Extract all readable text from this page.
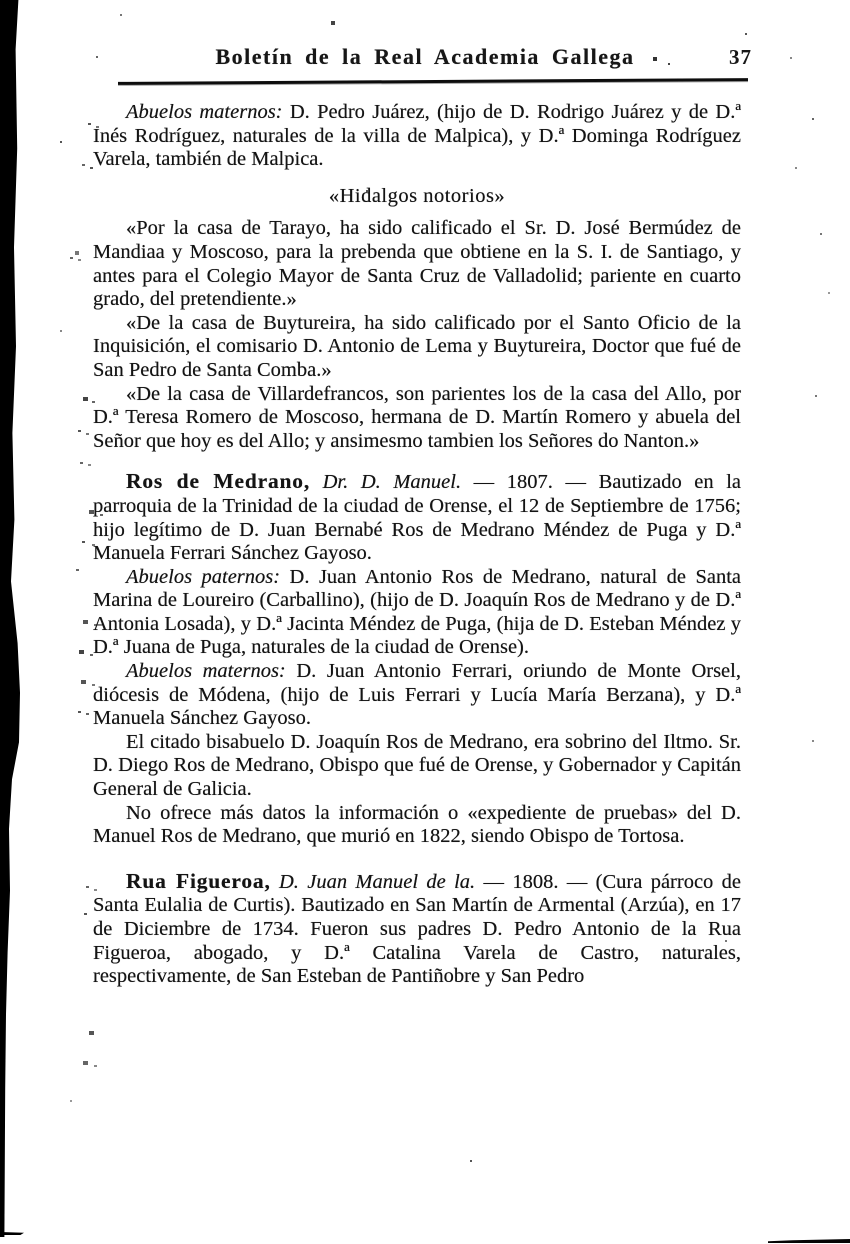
Boletín de la Real Academia Gallega	37

Abuelos maternos: D. Pedro Juárez, (hijo de D. Rodrigo Juárez y de D.ª Inés Rodríguez, naturales de la villa de Malpica), y D.ª Dominga Rodríguez Varela, también de Malpica.

«Hidalgos notorios»

«Por la casa de Tarayo, ha sido calificado el Sr. D. José Bermúdez de Mandiaa y Moscoso, para la prebenda que obtiene en la S. I. de Santiago, y antes para el Colegio Mayor de Santa Cruz de Valladolid; pariente en cuarto grado, del pretendiente.»

«De la casa de Buytureira, ha sido calificado por el Santo Oficio de la Inquisición, el comisario D. Antonio de Lema y Buytureira, Doctor que fué de San Pedro de Santa Comba.»

«De la casa de Villardefrancos, son parientes los de la casa del Allo, por D.ª Teresa Romero de Moscoso, hermana de D. Martín Romero y abuela del Señor que hoy es del Allo; y ansimesmo tambien los Señores do Nanton.»

Ros de Medrano, Dr. D. Manuel. — 1807. — Bautizado en la parroquia de la Trinidad de la ciudad de Orense, el 12 de Septiembre de 1756; hijo legítimo de D. Juan Bernabé Ros de Medrano Méndez de Puga y D.ª Manuela Ferrari Sánchez Gayoso.

Abuelos paternos: D. Juan Antonio Ros de Medrano, natural de Santa Marina de Loureiro (Carballino), (hijo de D. Joaquín Ros de Medrano y de D.ª Antonia Losada), y D.ª Jacinta Méndez de Puga, (hija de D. Esteban Méndez y D.ª Juana de Puga, naturales de la ciudad de Orense).

Abuelos maternos: D. Juan Antonio Ferrari, oriundo de Monte Orsel, diócesis de Módena, (hijo de Luis Ferrari y Lucía María Berzana), y D.ª Manuela Sánchez Gayoso.

El citado bisabuelo D. Joaquín Ros de Medrano, era sobrino del Iltmo. Sr. D. Diego Ros de Medrano, Obispo que fué de Orense, y Gobernador y Capitán General de Galicia.

No ofrece más datos la información o «expediente de pruebas» del D. Manuel Ros de Medrano, que murió en 1822, siendo Obispo de Tortosa.

Rua Figueroa, D. Juan Manuel de la. — 1808. — (Cura párroco de Santa Eulalia de Curtis). Bautizado en San Martín de Armental (Arzúa), en 17 de Diciembre de 1734. Fueron sus padres D. Pedro Antonio de la Rua Figueroa, abogado, y D.ª Catalina Varela de Castro, naturales, respectivamente, de San Esteban de Pantiñobre y San Pedro
